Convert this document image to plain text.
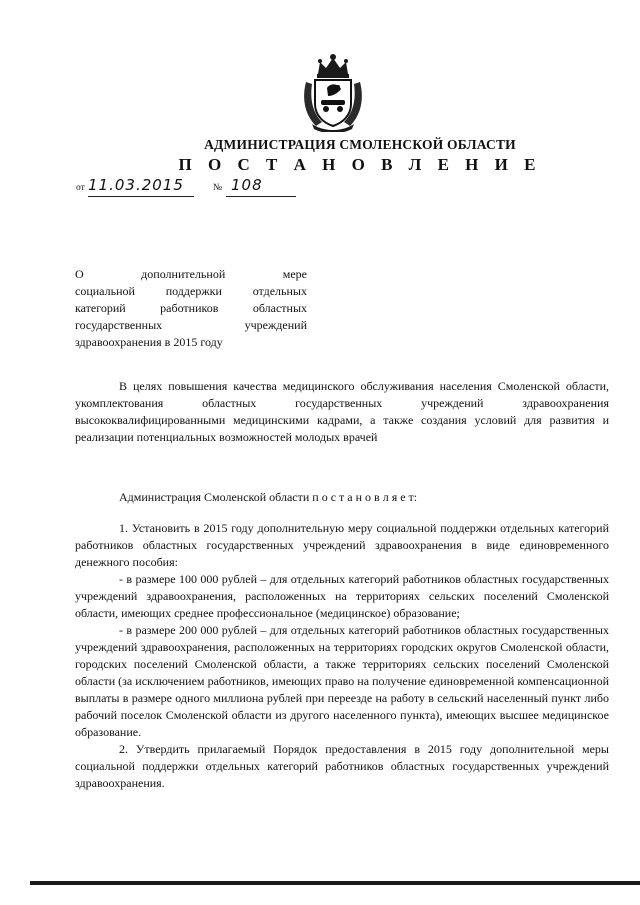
АДМИНИСТРАЦИЯ СМОЛЕНСКОЙ ОБЛАСТИ
П О С Т А Н О В Л Е Н И Е
от 11.03.2015	№ 108
О дополнительной мере
социальной поддержки отдельных
категорий работников областных
государственных учреждений
здравоохранения в 2015 году
В целях повышения качества медицинского обслуживания населения Смоленской области, укомплектования областных государственных учреждений здравоохранения высококвалифицированными медицинскими кадрами, а также создания условий для развития и реализации потенциальных возможностей молодых врачей
Администрация Смоленской области п о с т а н о в л я е т:

1. Установить в 2015 году дополнительную меру социальной поддержки отдельных категорий работников областных государственных учреждений здравоохранения в виде единовременного денежного пособия:

- в размере 100 000 рублей – для отдельных категорий работников областных государственных учреждений здравоохранения, расположенных на территориях сельских поселений Смоленской области, имеющих среднее профессиональное (медицинское) образование;

- в размере 200 000 рублей – для отдельных категорий работников областных государственных учреждений здравоохранения, расположенных на территориях городских округов Смоленской области, городских поселений Смоленской области, а также территориях сельских поселений Смоленской области (за исключением работников, имеющих право на получение единовременной компенсационной выплаты в размере одного миллиона рублей при переезде на работу в сельский населенный пункт либо рабочий поселок Смоленской области из другого населенного пункта), имеющих высшее медицинское образование.

2. Утвердить прилагаемый Порядок предоставления в 2015 году дополнительной меры социальной поддержки отдельных категорий работников областных государственных учреждений здравоохранения.
